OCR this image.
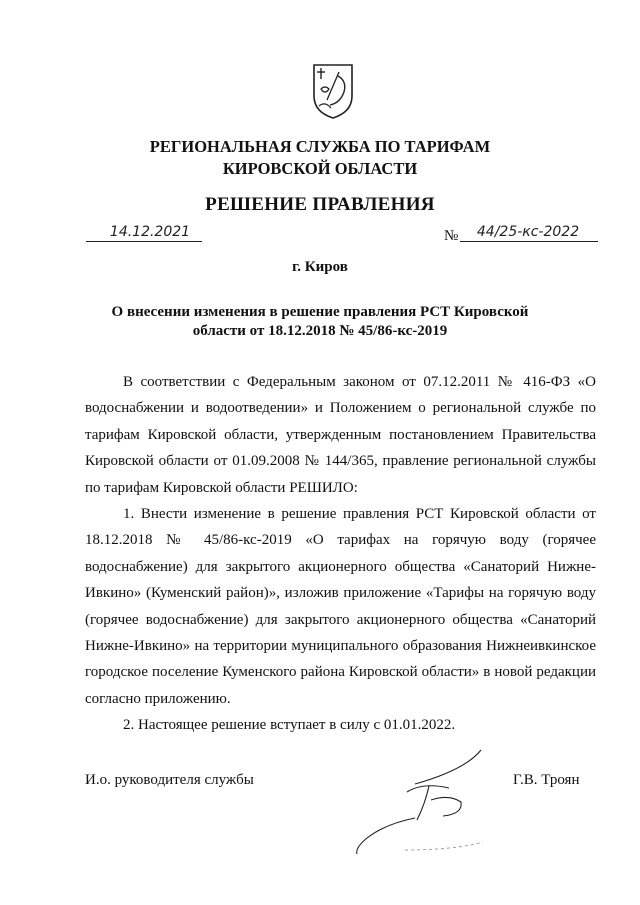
РЕГИОНАЛЬНАЯ СЛУЖБА ПО ТАРИФАМ
КИРОВСКОЙ ОБЛАСТИ
РЕШЕНИЕ ПРАВЛЕНИЯ
14.12.2021	№	44/25-кс-2022
г. Киров
О внесении изменения в решение правления РСТ Кировской
области от 18.12.2018 № 45/86-кс-2019

В соответствии с Федеральным законом от 07.12.2011 № 416-ФЗ «О водоснабжении и водоотведении» и Положением о региональной службе по тарифам Кировской области, утвержденным постановлением Правительства Кировской области от 01.09.2008 № 144/365, правление региональной службы по тарифам Кировской области РЕШИЛО:

1. Внести изменение в решение правления РСТ Кировской области от 18.12.2018 № 45/86-кс-2019 «О тарифах на горячую воду (горячее водоснабжение) для закрытого акционерного общества «Санаторий Нижне-Ивкино» (Куменский район)», изложив приложение «Тарифы на горячую воду (горячее водоснабжение) для закрытого акционерного общества «Санаторий Нижне-Ивкино» на территории муниципального образования Нижнеивкинское городское поселение Куменского района Кировской области» в новой редакции согласно приложению.

2. Настоящее решение вступает в силу с 01.01.2022.

И.о. руководителя службы	Г.В. Троян
